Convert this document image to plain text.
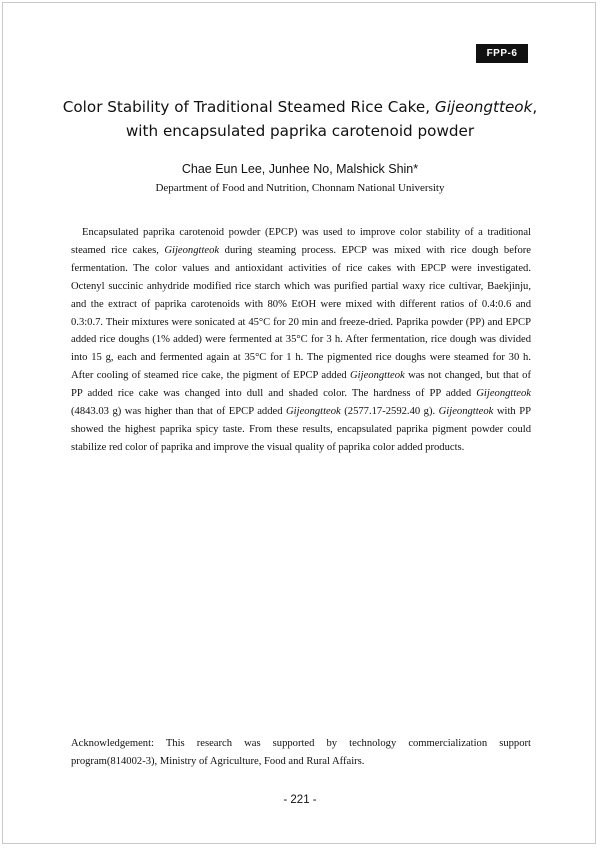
FPP-6
Color Stability of Traditional Steamed Rice Cake, Gijeongtteok,
with encapsulated paprika carotenoid powder
Chae Eun Lee, Junhee No, Malshick Shin*
Department of Food and Nutrition, Chonnam National University

Encapsulated paprika carotenoid powder (EPCP) was used to improve color stability of a traditional steamed rice cakes, Gijeongtteok during steaming process. EPCP was mixed with rice dough before fermentation. The color values and antioxidant activities of rice cakes with EPCP were investigated. Octenyl succinic anhydride modified rice starch which was purified partial waxy rice cultivar, Baekjinju, and the extract of paprika carotenoids with 80% EtOH were mixed with different ratios of 0.4:0.6 and 0.3:0.7. Their mixtures were sonicated at 45°C for 20 min and freeze-dried. Paprika powder (PP) and EPCP added rice doughs (1% added) were fermented at 35°C for 3 h. After fermentation, rice dough was divided into 15 g, each and fermented again at 35°C for 1 h. The pigmented rice doughs were steamed for 30 h. After cooling of steamed rice cake, the pigment of EPCP added Gijeongtteok was not changed, but that of PP added rice cake was changed into dull and shaded color. The hardness of PP added Gijeongtteok (4843.03 g) was higher than that of EPCP added Gijeongtteok (2577.17-2592.40 g). Gijeongtteok with PP showed the highest paprika spicy taste. From these results, encapsulated paprika pigment powder could stabilize red color of paprika and improve the visual quality of paprika color added products.

Acknowledgement: This research was supported by technology commercialization support program(814002-3), Ministry of Agriculture, Food and Rural Affairs.

- 221 -
